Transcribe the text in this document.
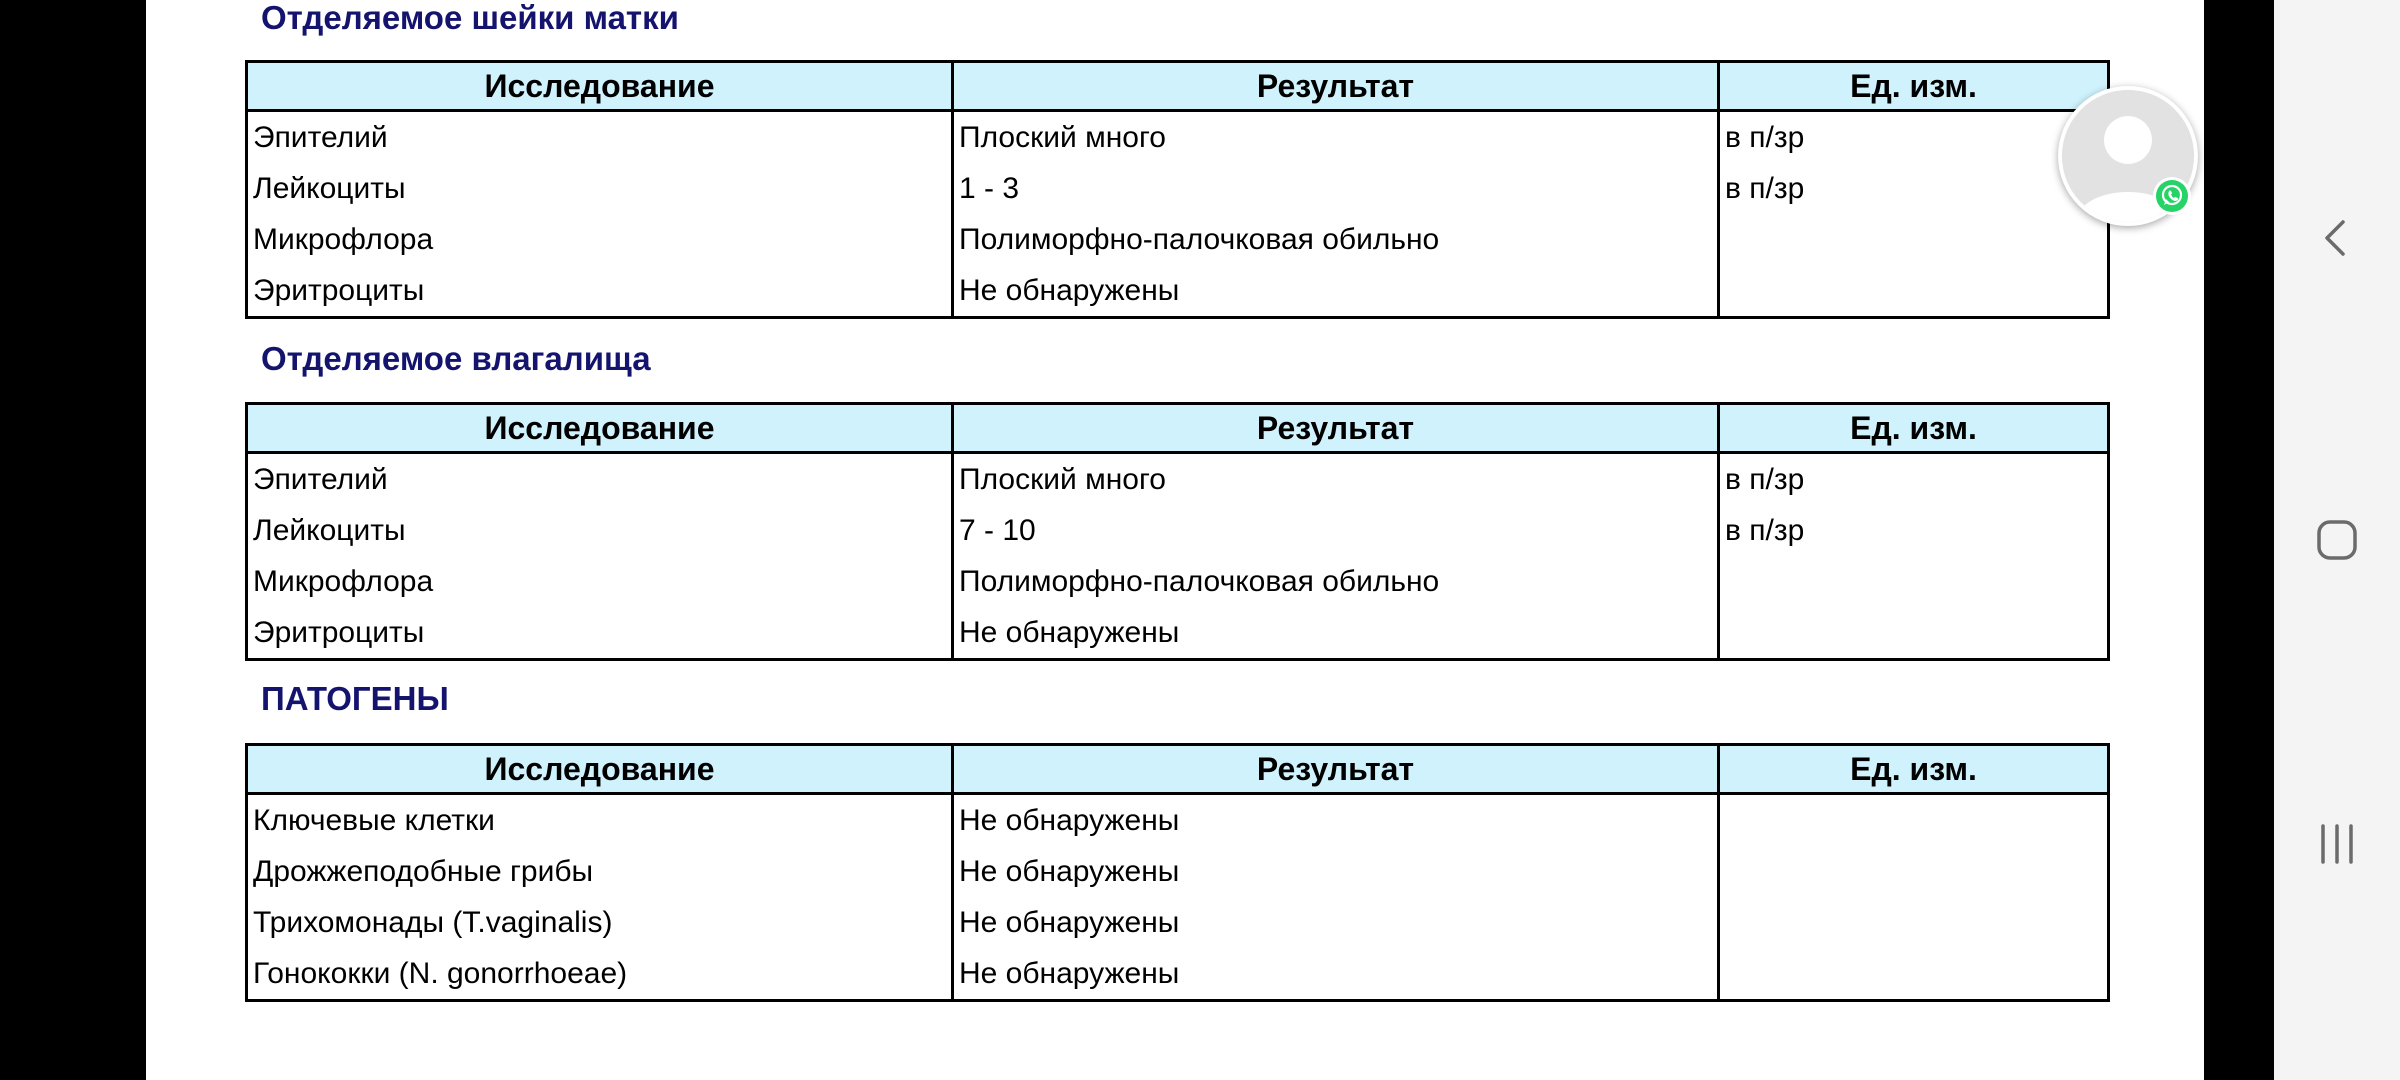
Отделяемое шейки матки
Исследование	Результат	Ед. изм.
Эпителий	Плоский много	в п/зр
Лейкоциты	1 - 3	в п/зр
Микрофлора	Полиморфно-палочковая обильно	
Эритроциты	Не обнаружены	
Отделяемое влагалища
Исследование	Результат	Ед. изм.
Эпителий	Плоский много	в п/зр
Лейкоциты	7 - 10	в п/зр
Микрофлора	Полиморфно-палочковая обильно	
Эритроциты	Не обнаружены	
ПАТОГЕНЫ
Исследование	Результат	Ед. изм.
Ключевые клетки	Не обнаружены	
Дрожжеподобные грибы	Не обнаружены	
Трихомонады (T.vaginalis)	Не обнаружены	
Гонококки (N. gonorrhoeae)	Не обнаружены	
